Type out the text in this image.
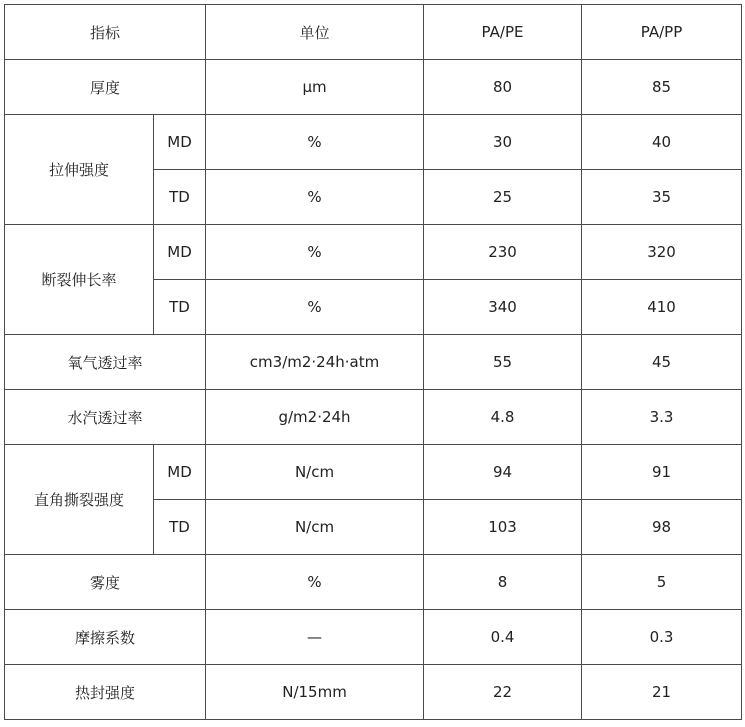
指标		单位	PA/PE	PA/PP
厚度		μm	80	85
拉伸强度	MD	%	30	40
	TD	%	25	35
断裂伸长率	MD	%	230	320
	TD	%	340	410
氧气透过率		cm3/m2·24h·atm	55	45
水汽透过率		g/m2·24h	4.8	3.3
直角撕裂强度	MD	N/cm	94	91
	TD	N/cm	103	98
雾度		%	8	5
摩擦系数		—	0.4	0.3
热封强度		N/15mm	22	21
